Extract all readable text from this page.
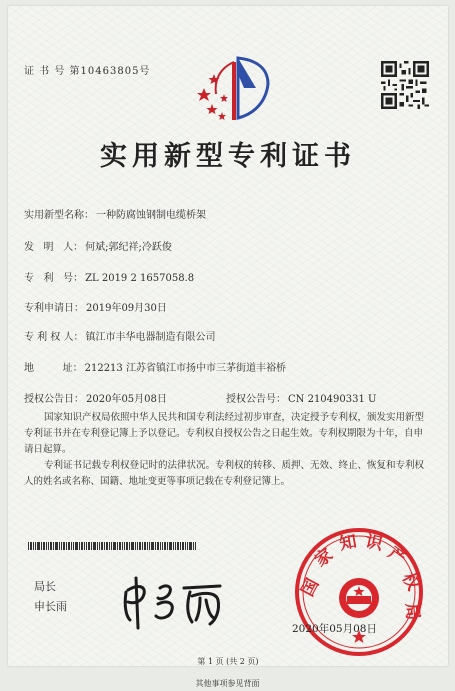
证 书 号 第10463805号
实用新型专利证书
实用新型名称： 一种防腐蚀钢制电缆桥架
发   明   人： 何斌;郭纪祥;冷跃俊
专   利   号： ZL 2019 2 1657058.8
专利申请日： 2019年09月30日
专 利 权 人： 镇江市丰华电器制造有限公司
地         址： 212213 江苏省镇江市扬中市三茅街道丰裕桥
授权公告日： 2020年05月08日	授权公告号： CN 210490331 U
国家知识产权局依照中华人民共和国专利法经过初步审查，决定授予专利权，颁发实用新型专利证书并在专利登记簿上予以登记。专利权自授权公告之日起生效。专利权期限为十年，自申请日起算。
专利证书记载专利权登记时的法律状况。专利权的转移、质押、无效、终止、恢复和专利权人的姓名或名称、国籍、地址变更等事项记载在专利登记簿上。
局长
申长雨
国
家
知 识 产
权
局
2020年05月08日
第 1 页 (共 2 页)
其他事项参见背面
